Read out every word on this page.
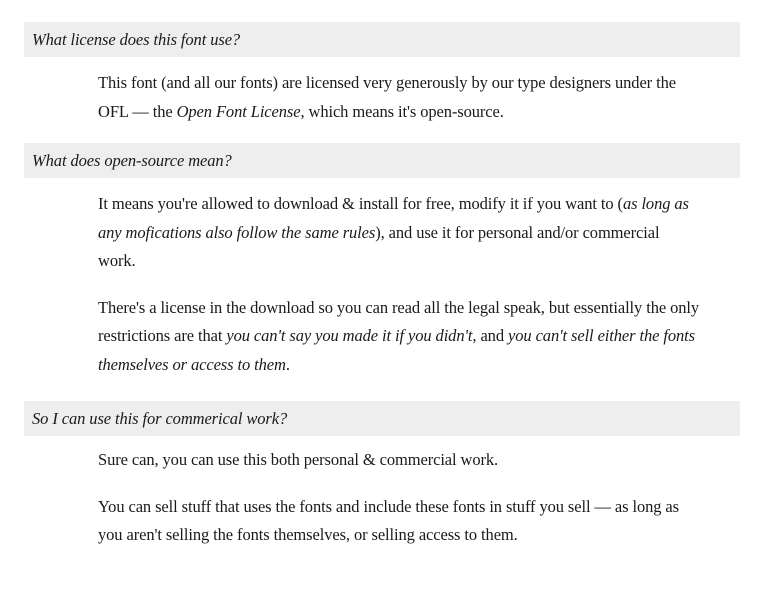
What license does this font use?

This font (and all our fonts) are licensed very generously by our type designers under the OFL — the Open Font License, which means it's open-source.

What does open-source mean?

It means you're allowed to download & install for free, modify it if you want to (as long as any mofications also follow the same rules), and use it for personal and/or commercial work.

There's a license in the download so you can read all the legal speak, but essentially the only restrictions are that you can't say you made it if you didn't, and you can't sell either the fonts themselves or access to them.

So I can use this for commerical work?

Sure can, you can use this both personal & commercial work.

You can sell stuff that uses the fonts and include these fonts in stuff you sell — as long as you aren't selling the fonts themselves, or selling access to them.
